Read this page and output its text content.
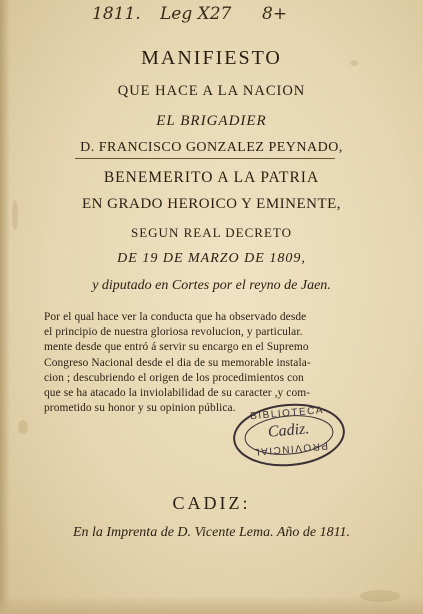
1811. Leg X27 8+
MANIFIESTO
QUE HACE A LA NACION
EL BRIGADIER
D. FRANCISCO GONZALEZ PEYNADO,
BENEMERITO A LA PATRIA
EN GRADO HEROICO Y EMINENTE,
SEGUN REAL DECRETO
DE 19 DE MARZO DE 1809,
y diputado en Cortes por el reyno de Jaen.
Por el qual hace ver la conducta que ha observado desde
el principio de nuestra gloriosa revolucion, y particular.
mente desde que entró á servir su encargo en el Supremo
Congreso Nacional desde el dia de su memorable instala-
cion ; descubriendo el origen de los procedimientos con
que se ha atacado la inviolabilidad de su caracter ,y com-
prometido su honor y su opinion pública.	BIBLIOTECA
Cadiz.
PROVINCIAL
CADIZ:
En la Imprenta de D. Vicente Lema. Año de 1811.
